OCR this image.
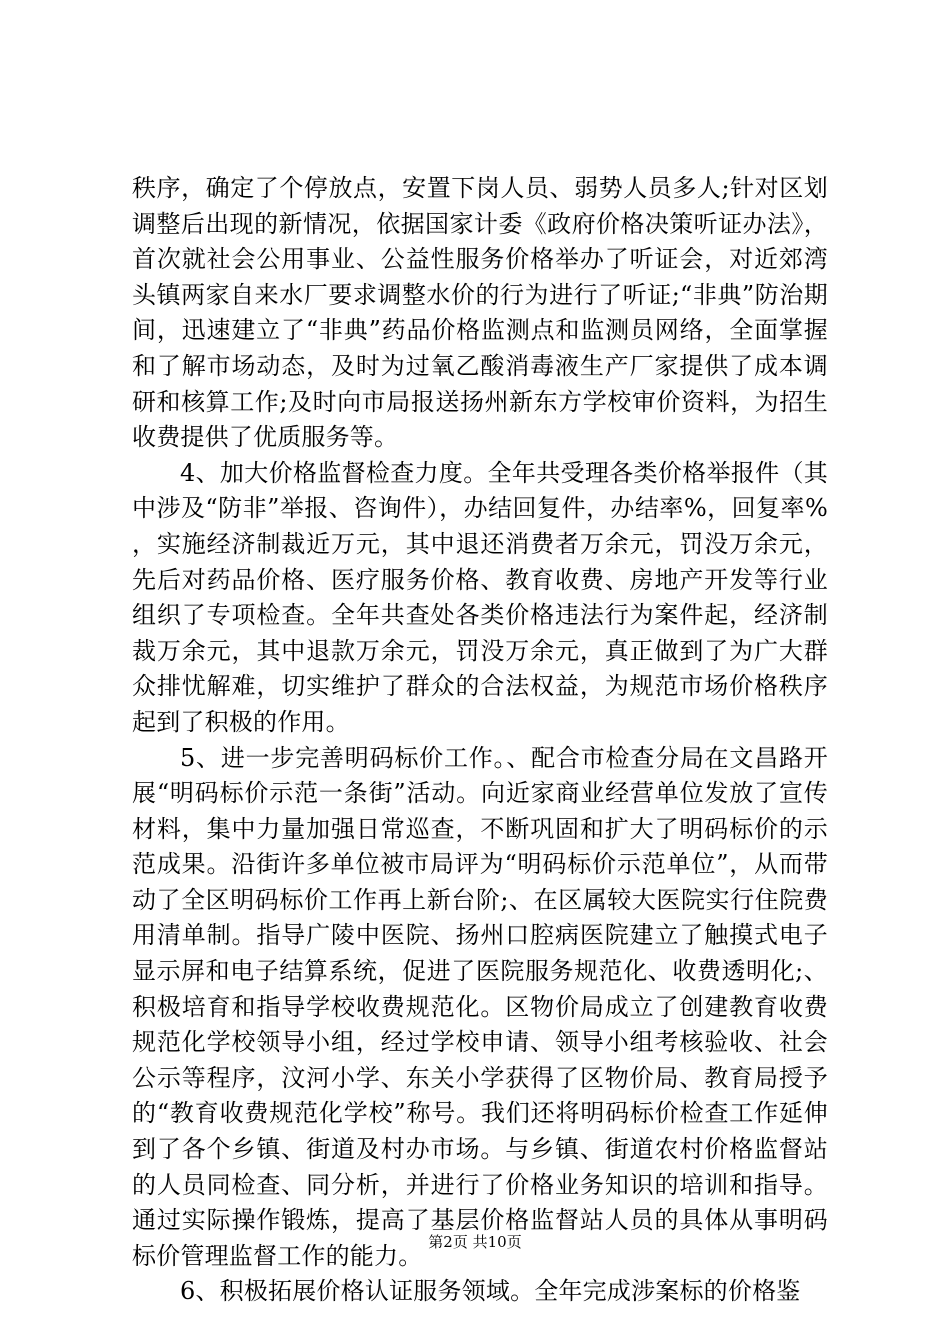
秩序，确定了个停放点，安置下岗人员、弱势人员多人;针对区划调整后出现的新情况，依据国家计委《政府价格决策听证办法》，首次就社会公用事业、公益性服务价格举办了听证会，对近郊湾头镇两家自来水厂要求调整水价的行为进行了听证;“非典”防治期间，迅速建立了“非典”药品价格监测点和监测员网络，全面掌握和了解市场动态，及时为过氧乙酸消毒液生产厂家提供了成本调研和核算工作;及时向市局报送扬州新东方学校审价资料，为招生收费提供了优质服务等。

4、加大价格监督检查力度。全年共受理各类价格举报件（其中涉及“防非”举报、咨询件），办结回复件，办结率%，回复率%，实施经济制裁近万元，其中退还消费者万余元，罚没万余元，先后对药品价格、医疗服务价格、教育收费、房地产开发等行业组织了专项检查。全年共查处各类价格违法行为案件起，经济制裁万余元，其中退款万余元，罚没万余元，真正做到了为广大群众排忧解难，切实维护了群众的合法权益，为规范市场价格秩序起到了积极的作用。

5、进一步完善明码标价工作。、配合市检查分局在文昌路开展“明码标价示范一条街”活动。向近家商业经营单位发放了宣传材料，集中力量加强日常巡查，不断巩固和扩大了明码标价的示范成果。沿街许多单位被市局评为“明码标价示范单位”，从而带动了全区明码标价工作再上新台阶;、在区属较大医院实行住院费用清单制。指导广陵中医院、扬州口腔病医院建立了触摸式电子显示屏和电子结算系统，促进了医院服务规范化、收费透明化;、积极培育和指导学校收费规范化。区物价局成立了创建教育收费规范化学校领导小组，经过学校申请、领导小组考核验收、社会公示等程序，汶河小学、东关小学获得了区物价局、教育局授予的“教育收费规范化学校”称号。我们还将明码标价检查工作延伸到了各个乡镇、街道及村办市场。与乡镇、街道农村价格监督站的人员同检查、同分析，并进行了价格业务知识的培训和指导。通过实际操作锻炼，提高了基层价格监督站人员的具体从事明码标价管理监督工作的能力。

6、积极拓展价格认证服务领域。全年完成涉案标的价格鉴

第2页 共10页
